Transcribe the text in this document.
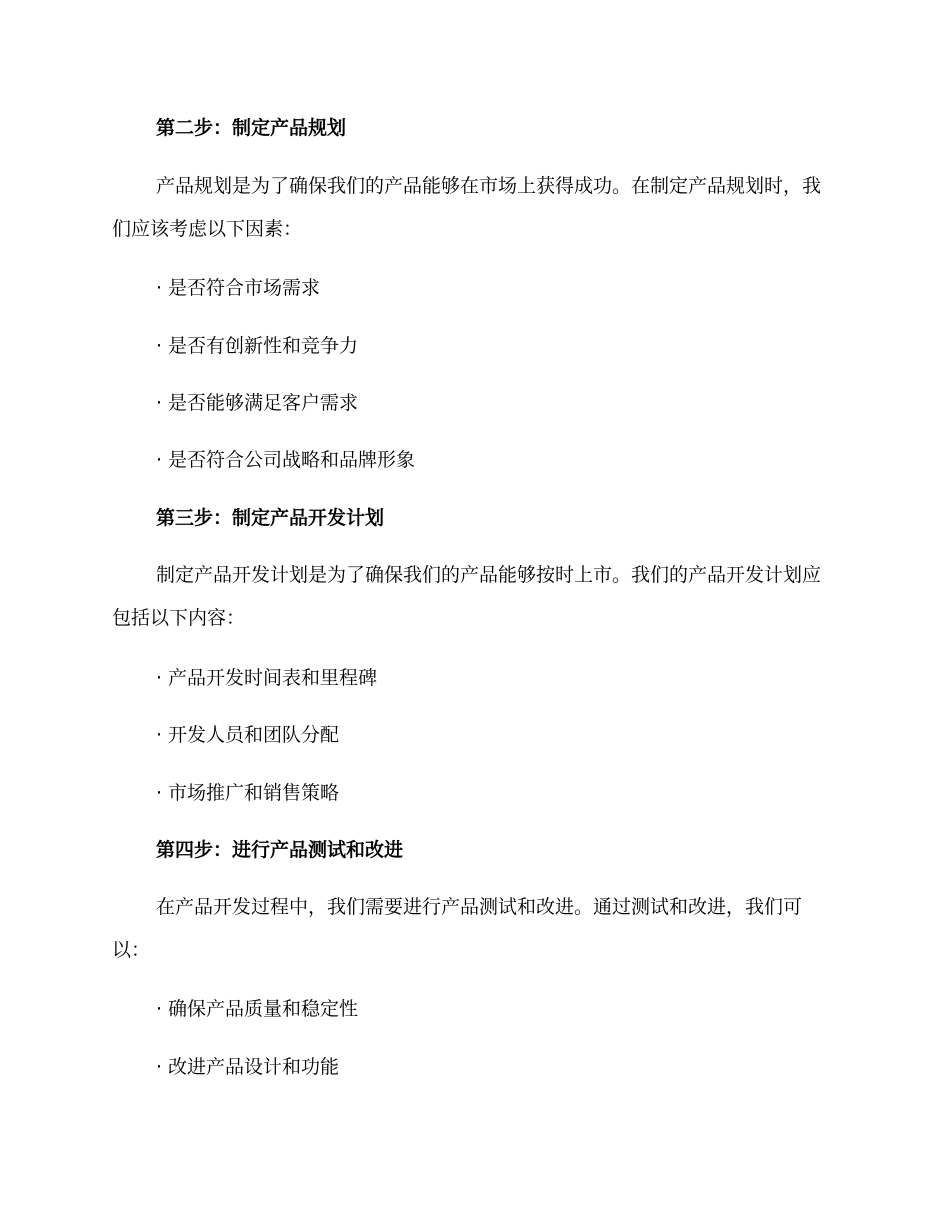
第二步：制定产品规划

产品规划是为了确保我们的产品能够在市场上获得成功。在制定产品规划时，我们应该考虑以下因素：

· 是否符合市场需求
· 是否有创新性和竞争力
· 是否能够满足客户需求
· 是否符合公司战略和品牌形象
第三步：制定产品开发计划

制定产品开发计划是为了确保我们的产品能够按时上市。我们的产品开发计划应包括以下内容：

· 产品开发时间表和里程碑
· 开发人员和团队分配
· 市场推广和销售策略
第四步：进行产品测试和改进

在产品开发过程中，我们需要进行产品测试和改进。通过测试和改进，我们可以：

· 确保产品质量和稳定性
· 改进产品设计和功能
